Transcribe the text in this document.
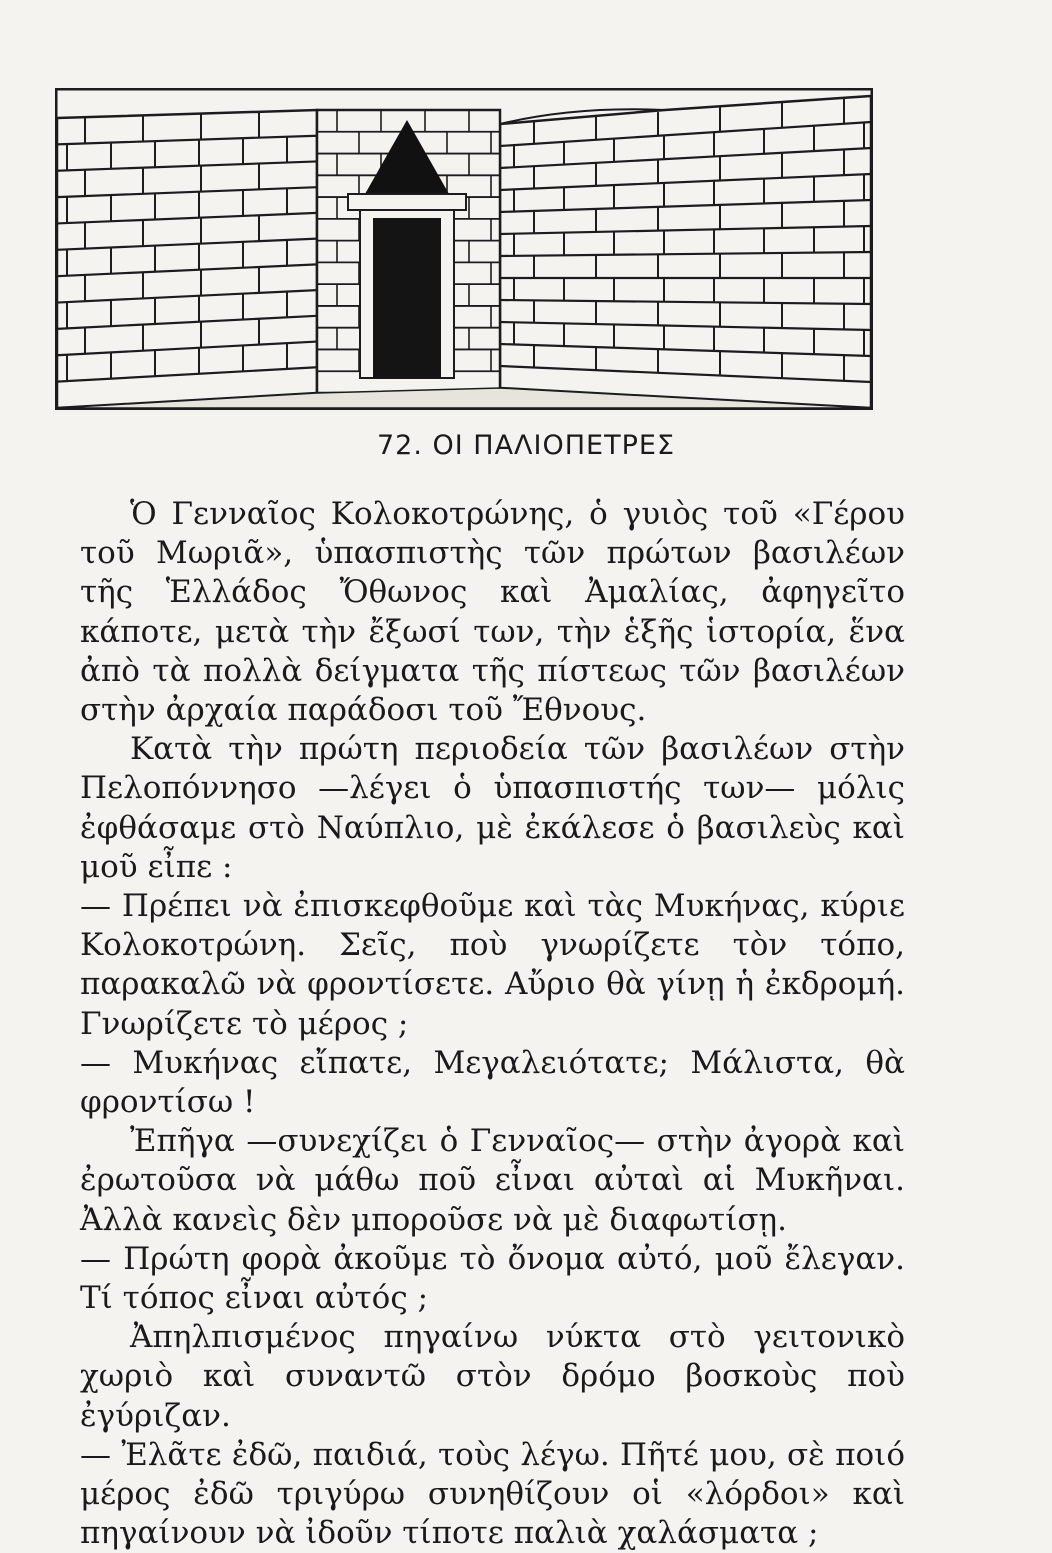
72. ΟΙ ΠΑΛΙΟΠΕΤΡΕΣ

Ὁ Γενναῖος Κολοκοτρώνης, ὁ γυιὸς τοῦ «Γέρου τοῦ Μωριᾶ», ὑπασπιστὴς τῶν πρώτων βασιλέων τῆς Ἑλλάδος Ὄθωνος καὶ Ἀμαλίας, ἀφηγεῖτο κάποτε, μετὰ τὴν ἔξωσί των, τὴν ἑξῆς ἱστορία, ἕνα ἀπὸ τὰ πολλὰ δείγματα τῆς πίστεως τῶν βασιλέων στὴν ἀρχαία παράδοσι τοῦ Ἔθνους.

Κατὰ τὴν πρώτη περιοδεία τῶν βασιλέων στὴν Πελοπόννησο —λέγει ὁ ὑπασπιστής των— μόλις ἐφθάσαμε στὸ Ναύπλιο, μὲ ἐκάλεσε ὁ βασιλεὺς καὶ μοῦ εἶπε :

— Πρέπει νὰ ἐπισκεφθοῦμε καὶ τὰς Μυκήνας, κύριε Κολοκοτρώνη. Σεῖς, ποὺ γνωρίζετε τὸν τόπο, παρακαλῶ νὰ φροντίσετε. Αὔριο θὰ γίνῃ ἡ ἐκδρομή. Γνωρίζετε τὸ μέρος ;

— Μυκήνας εἴπατε, Μεγαλειότατε; Μάλιστα, θὰ φροντίσω !

Ἐπῆγα —συνεχίζει ὁ Γενναῖος— στὴν ἀγορὰ καὶ ἐρωτοῦσα νὰ μάθω ποῦ εἶναι αὐταὶ αἱ Μυκῆναι. Ἀλλὰ κανεὶς δὲν μποροῦσε νὰ μὲ διαφωτίσῃ.

— Πρώτη φορὰ ἀκοῦμε τὸ ὄνομα αὐτό, μοῦ ἔλεγαν. Τί τόπος εἶναι αὐτός ;

Ἀπηλπισμένος πηγαίνω νύκτα στὸ γειτονικὸ χωριὸ καὶ συναντῶ στὸν δρόμο βοσκοὺς ποὺ ἐγύριζαν.

— Ἐλᾶτε ἐδῶ, παιδιά, τοὺς λέγω. Πῆτέ μου, σὲ ποιό μέρος ἐδῶ τριγύρω συνηθίζουν οἱ «λόρδοι» καὶ πηγαίνουν νὰ ἰδοῦν τίποτε παλιὰ χαλάσματα ;
